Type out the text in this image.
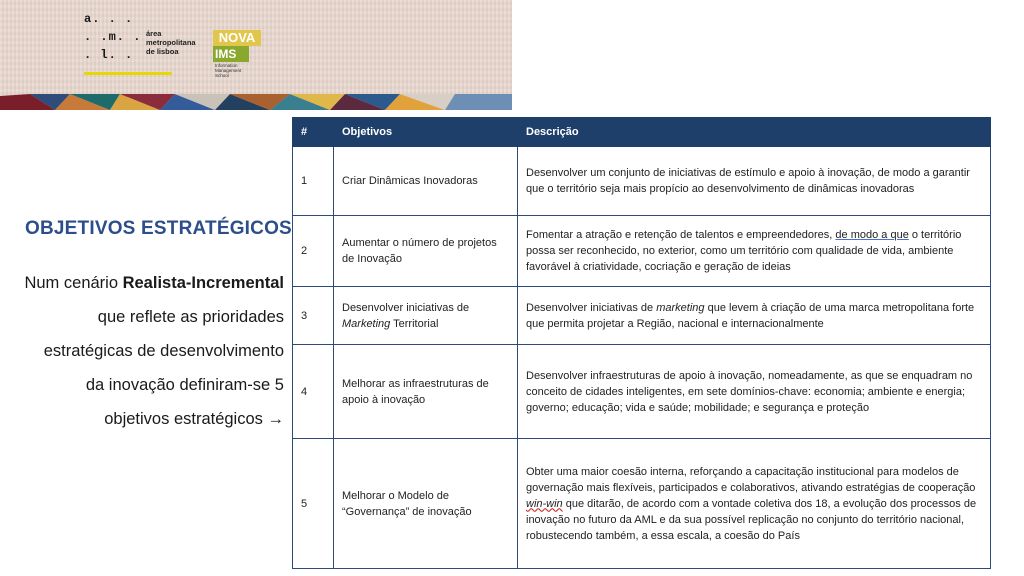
a. . .
. .m. .
. l. .
área
metropolitana
de lisboa
NOVA
IMS
Information
Management
School
OBJETIVOS ESTRATÉGICOS
Num cenário Realista-Incremental que reflete as prioridades estratégicas de desenvolvimento da inovação definiram-se 5 objetivos estratégicos →
#	Objetivos	Descrição
1	Criar Dinâmicas Inovadoras	Desenvolver um conjunto de iniciativas de estímulo e apoio à inovação, de modo a garantir que o território seja mais propício ao desenvolvimento de dinâmicas inovadoras
2	Aumentar o número de projetos de Inovação	Fomentar a atração e retenção de talentos e empreendedores, de modo a que o território possa ser reconhecido, no exterior, como um território com qualidade de vida, ambiente favorável à criatividade, cocriação e geração de ideias
3	Desenvolver iniciativas de Marketing Territorial	Desenvolver iniciativas de marketing que levem à criação de uma marca metropolitana forte que permita projetar a Região, nacional e internacionalmente
4	Melhorar as infraestruturas de apoio à inovação	Desenvolver infraestruturas de apoio à inovação, nomeadamente, as que se enquadram no conceito de cidades inteligentes, em sete domínios-chave: economia; ambiente e energia; governo; educação; vida e saúde; mobilidade; e segurança e proteção
5	Melhorar o Modelo de “Governança” de inovação	Obter uma maior coesão interna, reforçando a capacitação institucional para modelos de governação mais flexíveis, participados e colaborativos, ativando estratégias de cooperação win-win que ditarão, de acordo com a vontade coletiva dos 18, a evolução dos processos de inovação no futuro da AML e da sua possível replicação no conjunto do território nacional, robustecendo também, a essa escala, a coesão do País
